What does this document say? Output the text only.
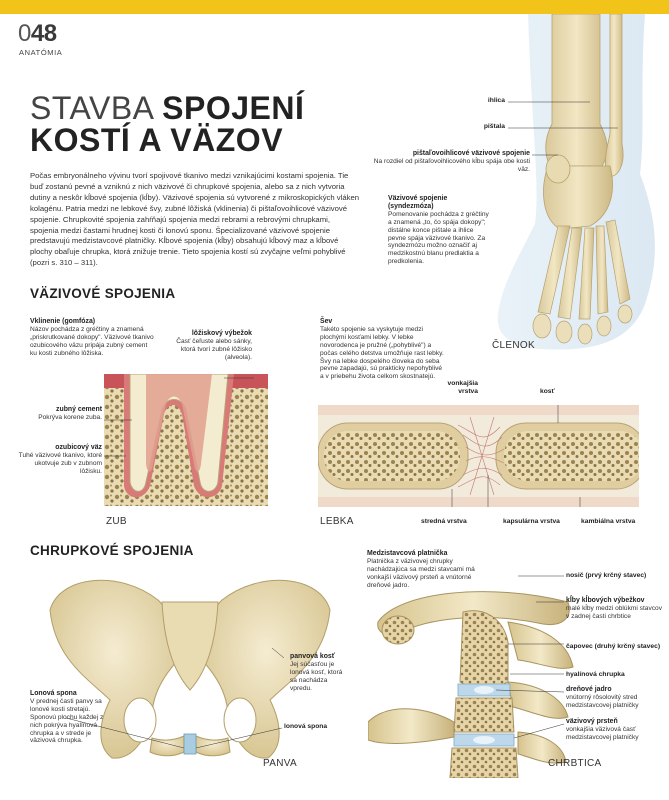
048
ANATÓMIA
STAVBA SPOJENÍ
KOSTÍ A VÄZOV
Počas embryonálneho vývinu tvorí spojivové tkanivo medzi vznikajúcimi kostami spojenia. Tie buď zostanú pevné a vzniknú z nich väzivové či chrupkové spojenia, alebo sa z nich vytvoria dutiny a neskôr kĺbové spojenia (kĺby). Väzivové spojenia sú vytvorené z mikroskopických vláken kolagénu. Patria medzi ne lebkové švy, zubné lôžiská (vklinenia) či pištaľovoihlicové väzivové spojenie. Chrupkovité spojenia zahŕňajú spojenia medzi rebrami a rebrovými chrupkami, spojenia medzi častami hrudnej kosti či lonovú sponu. Špecializované väzivové spojenie predstavujú medzistavcové platničky. Kĺbové spojenia (kĺby) obsahujú kĺbový maz a kĺbové plochy obaľuje chrupka, ktorá znižuje trenie. Tieto spojenia kostí sú zvyčajne veľmi pohyblivé (pozri s. 310 – 311).
ihlica
pištala
pištaľovoihlicové väzivové spojenie
Na rozdiel od pištaľovoihlicového kĺbu spája obe kosti väz.
Väzivové spojenie (syndezmóza)
Pomenovanie pochádza z gréčtiny a znamená „to, čo spája dokopy"; distálne konce pištale a ihlice pevne spája väzivové tkanivo. Za syndezmózu možno označiť aj medzikostnú blanu predlaktia a predkolenia.
ČLENOK
VÄZIVOVÉ SPOJENIA
Vklinenie (gomfóza)
Názov pochádza z gréčtiny a znamená „priskrutkované dokopy". Väzivové tkanivo ozubicového väzu pripája zubný cement ku kosti zubného lôžiska.
lôžiskový výbežok
Časť čeľuste alebo sánky, ktorá tvorí zubné lôžisko (alveola).
zubný cement
Pokrýva korene zuba.
ozubicový väz
Tuhé väzivové tkanivo, ktoré ukotvuje zub v zubnom lôžisku.
ZUB
Šev
Takéto spojenie sa vyskytuje medzi plochými kosťami lebky. V lebke novorodenca je pružné („pohyblivé") a počas celého detstva umožňuje rast lebky. Švy na lebke dospelého človeka do seba pevne zapadajú, sú prakticky nepohyblivé a v priebehu života celkom skostnatejú.
vonkajšia vrstva	kosť
stredná vrstva	kapsulárna vrstva	kambiálna vrstva
LEBKA
CHRUPKOVÉ SPOJENIA
Lonová spona
V prednej časti panvy sa lonové kosti stretajú. Sponovú plochu každej z nich pokrýva hyalínová chrupka a v strede je väzivová chrupka.
panvová kosť
Jej súčasťou je lonová kosť, ktorá sa nachádza vpredu.
lonová spona
PANVA
Medzistavcová platnička
Platnička z väzivovej chrupky nachádzajúca sa medzi stavcami má vonkajší väzivový prsteň a vnútorné dreňové jadro.
nosič (prvý krčný stavec)
kĺby kĺbových výbežkov
malé kĺby medzi oblúkmi stavcov v zadnej časti chrbtice
čapovec (druhý krčný stavec)
hyalínová chrupka
dreňové jadro
vnútorný rôsolovitý stred medzistavcovej platničky
väzivový prsteň
vonkajšia väzivová časť medzistavcovej platničky
CHRBTICA
